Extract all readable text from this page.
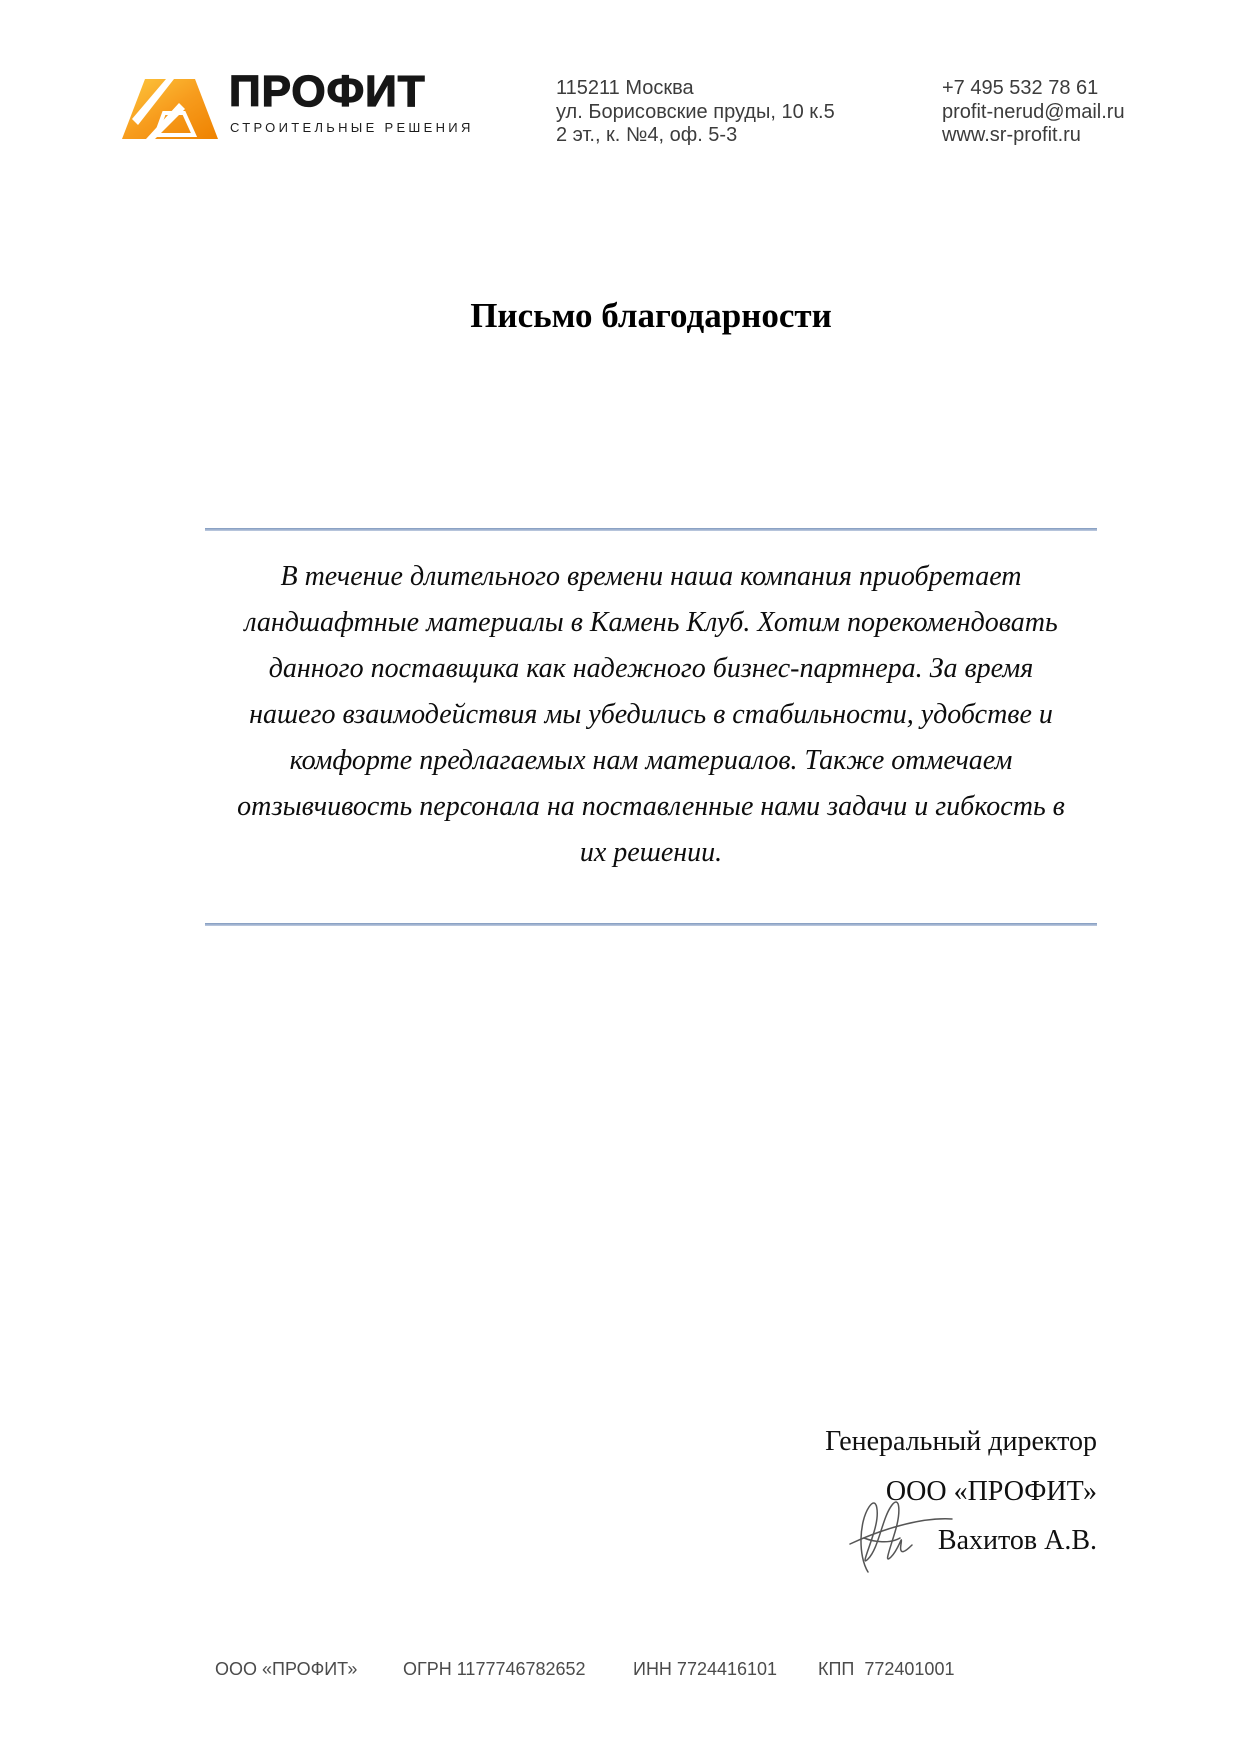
ПРОФИТ
СТРОИТЕЛЬНЫЕ РЕШЕНИЯ
115211 Москва
ул. Борисовские пруды, 10 к.5
2 эт., к. №4, оф. 5-3
+7 495 532 78 61
profit-nerud@mail.ru
www.sr-profit.ru
Письмо благодарности
В течение длительного времени наша компания приобретает
ландшафтные материалы в Камень Клуб. Хотим порекомендовать
данного поставщика как надежного бизнес-партнера. За время
нашего взаимодействия мы убедились в стабильности, удобстве и
комфорте предлагаемых нам материалов. Также отмечаем
отзывчивость персонала на поставленные нами задачи и гибкость в
их решении.
Генеральный директор
ООО «ПРОФИТ»
Вахитов А.В.
ООО «ПРОФИТ»	ОГРН 1177746782652	ИНН 7724416101 КПП  772401001
